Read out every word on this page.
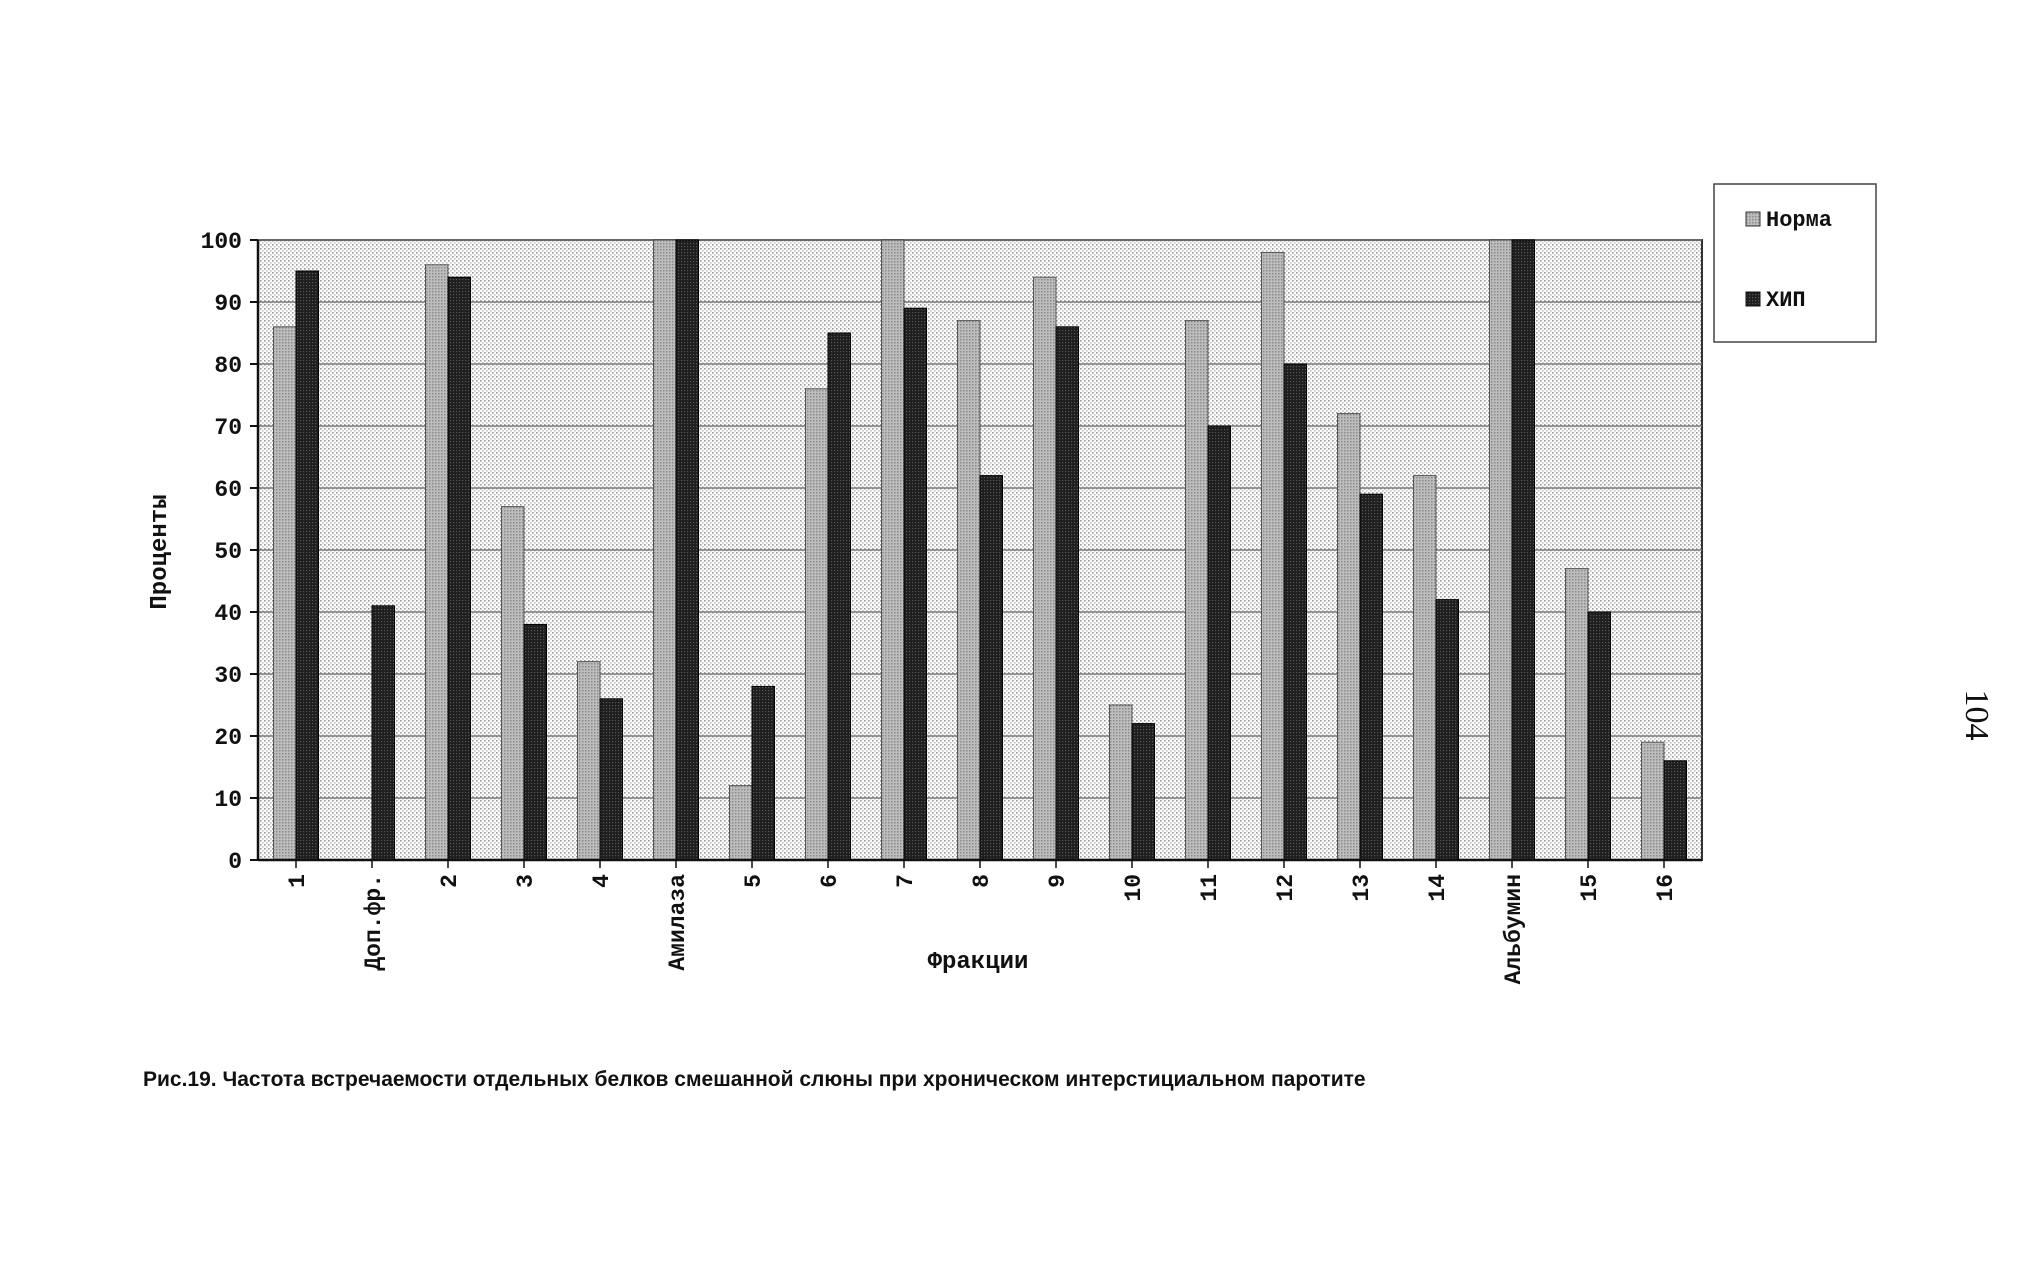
0
10
20
30
40
50
60
70
80
90
100
1 Доп.фр. 2 3 4 Амилаза 5 6 7 8 9 10 11 12 13 14 Альбумин 15 16
Проценты
Фракции
Норма
ХИП
104
Рис.19. Частота встречаемости отдельных белков смешанной слюны при хроническом интерстициальном паротите
